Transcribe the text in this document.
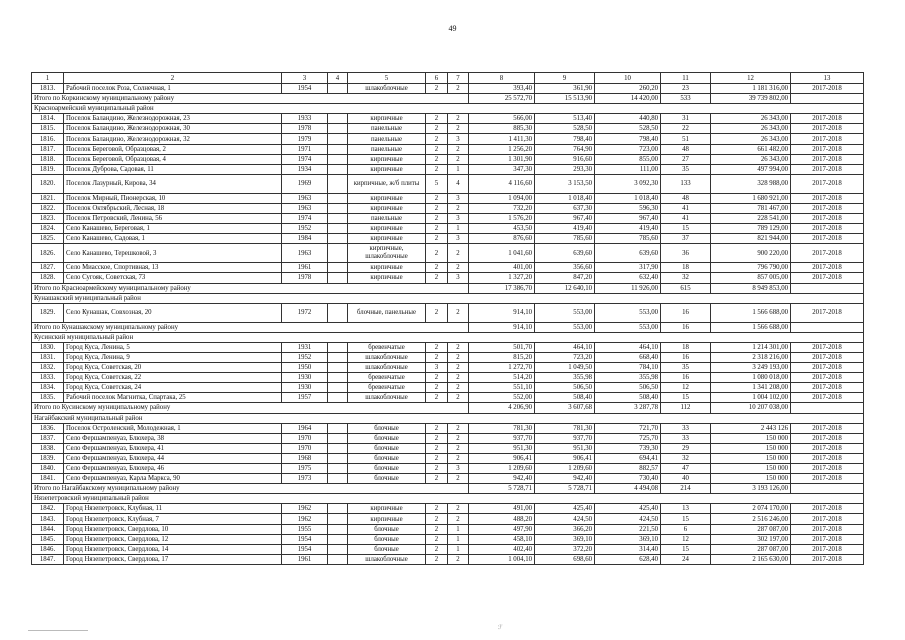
49
1	2	3	4	5	6	7	8	9	10	11	12	13
1813.	Рабочий поселок Роза, Солнечная, 1	1954		шлакоблочные	2	2	393,40	361,90	260,20	23	1 181 316,00	2017-2018
Итого по Коркинскому муниципальному району							25 572,70	15 513,90	14 420,00	533	39 739 802,00	
Красноармейский муниципальный район												
1814.	Поселок Баландино, Железнодорожная, 23	1933		кирпичные	2	2	566,00	513,40	440,80	31	26 343,00	2017-2018
1815.	Поселок Баландино, Железнодорожная, 30	1978		панельные	2	2	885,30	528,50	528,50	22	26 343,00	2017-2018
1816.	Поселок Баландино, Железнодорожная, 32	1979		панельные	2	3	1 411,30	798,40	798,40	51	26 343,00	2017-2018
1817.	Поселок Береговой, Образцовая, 2	1971		панельные	2	2	1 256,20	764,90	723,00	48	661 482,00	2017-2018
1818.	Поселок Береговой, Образцовая, 4	1974		кирпичные	2	2	1 301,90	916,60	855,00	27	26 343,00	2017-2018
1819.	Поселок Дуброва, Садовая, 11	1934		кирпичные	2	1	347,30	293,30	111,00	35	497 994,00	2017-2018
1820.	Поселок Лазурный, Кирова, 34	1969		кирпичные, ж/б плиты	5	4	4 116,60	3 153,50	3 092,30	133	328 988,00	2017-2018
1821.	Поселок Мирный, Пионерская, 10	1963		кирпичные	2	3	1 094,00	1 018,40	1 018,40	48	1 680 921,00	2017-2018
1822.	Поселок Октябрьский, Лесная, 18	1963		кирпичные	2	2	732,20	637,30	596,30	41	781 467,00	2017-2018
1823.	Поселок Петровский, Ленина, 56	1974		панельные	2	3	1 576,20	967,40	967,40	41	228 541,00	2017-2018
1824.	Село Канашево, Береговая, 1	1952		кирпичные	2	1	453,50	419,40	419,40	15	789 129,00	2017-2018
1825.	Село Канашево, Садовая, 1	1984		кирпичные	2	3	876,60	785,60	785,60	37	821 944,00	2017-2018
1826.	Село Канашево, Терешковой, 3	1963		кирпичные, шлакоблочные	2	2	1 041,60	639,60	639,60	36	900 220,00	2017-2018
1827.	Село Миасское, Спортивная, 13	1961		кирпичные	2	2	401,00	356,60	317,90	18	796 790,00	2017-2018
1828.	Село Сугояк, Советская, 73	1978		кирпичные	2	3	1 327,20	847,20	632,40	32	857 005,00	2017-2018
Итого по Красноармейскому муниципальному району							17 386,70	12 640,10	11 926,00	615	8 949 853,00	
Кунашакский муниципальный район												
1829.	Село Кунашак, Совхозная, 20	1972		блочные, панельные	2	2	914,10	553,00	553,00	16	1 566 688,00	2017-2018
Итого по Кунашакскому муниципальному району							914,10	553,00	553,00	16	1 566 688,00	
Кусинский муниципальный район												
1830.	Город Куса, Ленина, 5	1931		бревенчатые	2	2	501,70	464,10	464,10	18	1 214 301,00	2017-2018
1831.	Город Куса, Ленина, 9	1952		шлакоблочные	2	2	815,20	723,20	668,40	16	2 318 216,00	2017-2018
1832.	Город Куса, Советская, 20	1950		шлакоблочные	3	2	1 272,70	1 049,50	784,10	35	3 249 193,00	2017-2018
1833.	Город Куса, Советская, 22	1930		бревенчатые	2	2	514,20	355,98	355,98	16	1 080 018,00	2017-2018
1834.	Город Куса, Советская, 24	1930		бревенчатые	2	2	551,10	506,50	506,50	12	1 341 208,00	2017-2018
1835.	Рабочий поселок Магнитка, Спартака, 25	1957		шлакоблочные	2	2	552,00	508,40	508,40	15	1 004 102,00	2017-2018
Итого по Кусинскому муниципальному району							4 206,90	3 607,68	3 287,78	112	10 207 038,00	
Нагайбакский муниципальный район												
1836.	Поселок Остроленский, Молодежная, 1	1964		блочные	2	2	781,30	781,30	721,70	33	2 443 126	2017-2018
1837.	Село Фершампенуаз, Блюхера, 38	1970		блочные	2	2	937,70	937,70	725,70	33	150 000	2017-2018
1838.	Село Фершампенуаз, Блюхера, 41	1970		блочные	2	2	951,30	951,30	739,30	29	150 000	2017-2018
1839.	Село Фершампенуаз, Блюхера, 44	1968		блочные	2	2	906,41	906,41	694,41	32	150 000	2017-2018
1840.	Село Фершампенуаз, Блюхера, 46	1975		блочные	2	3	1 209,60	1 209,60	882,57	47	150 000	2017-2018
1841.	Село Фершампенуаз, Карла Маркса, 90	1973		блочные	2	2	942,40	942,40	730,40	40	150 000	2017-2018
Итого по Нагайбакскому муниципальному району							5 728,71	5 728,71	4 494,08	214	3 193 126,00	
Нязепетровский муниципальный район												
1842.	Город Нязепетровск, Клубная, 11	1962		кирпичные	2	2	491,00	425,40	425,40	13	2 074 170,00	2017-2018
1843.	Город Нязепетровск, Клубная, 7	1962		кирпичные	2	2	488,20	424,50	424,50	15	2 516 246,00	2017-2018
1844.	Город Нязепетровск, Свердлова, 10	1955		блочные	2	1	497,90	366,20	221,50	6	287 087,00	2017-2018
1845.	Город Нязепетровск, Свердлова, 12	1954		блочные	2	1	458,10	369,10	369,10	12	302 197,00	2017-2018
1846.	Город Нязепетровск, Свердлова, 14	1954		блочные	2	1	402,40	372,20	314,40	15	287 087,00	2017-2018
1847.	Город Нязепетровск, Свердлова, 17	1961		шлакоблочные	2	2	1 004,10	698,60	628,40	24	2 165 630,00	2017-2018
ℱ
